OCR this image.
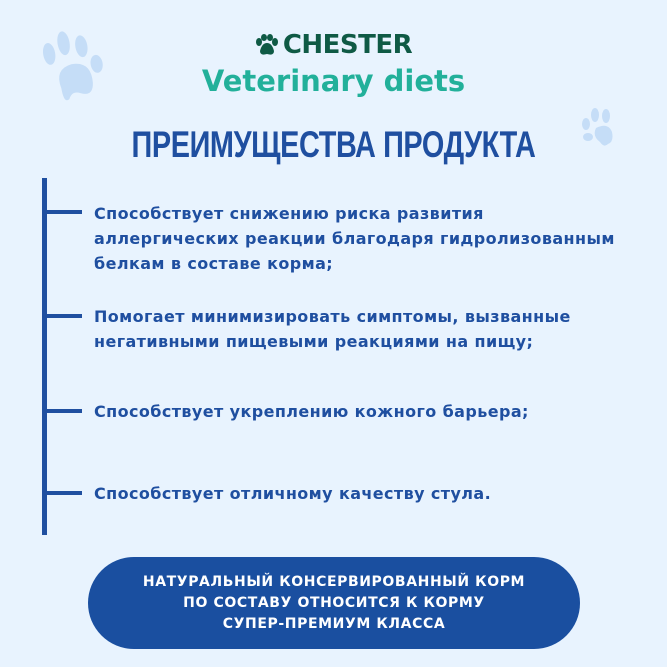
CHESTER
Veterinary diets
ПРЕИМУЩЕСТВА ПРОДУКТА
Способствует снижению риска развития
аллергических реакции благодаря гидролизованным
белкам в составе корма;
Помогает минимизировать симптомы, вызванные
негативными пищевыми реакциями на пищу;
Способствует укреплению кожного барьера;
Способствует отличному качеству стула.
НАТУРАЛЬНЫЙ КОНСЕРВИРОВАННЫЙ КОРМ
ПО СОСТАВУ ОТНОСИТСЯ К КОРМУ
СУПЕР-ПРЕМИУМ КЛАССА
